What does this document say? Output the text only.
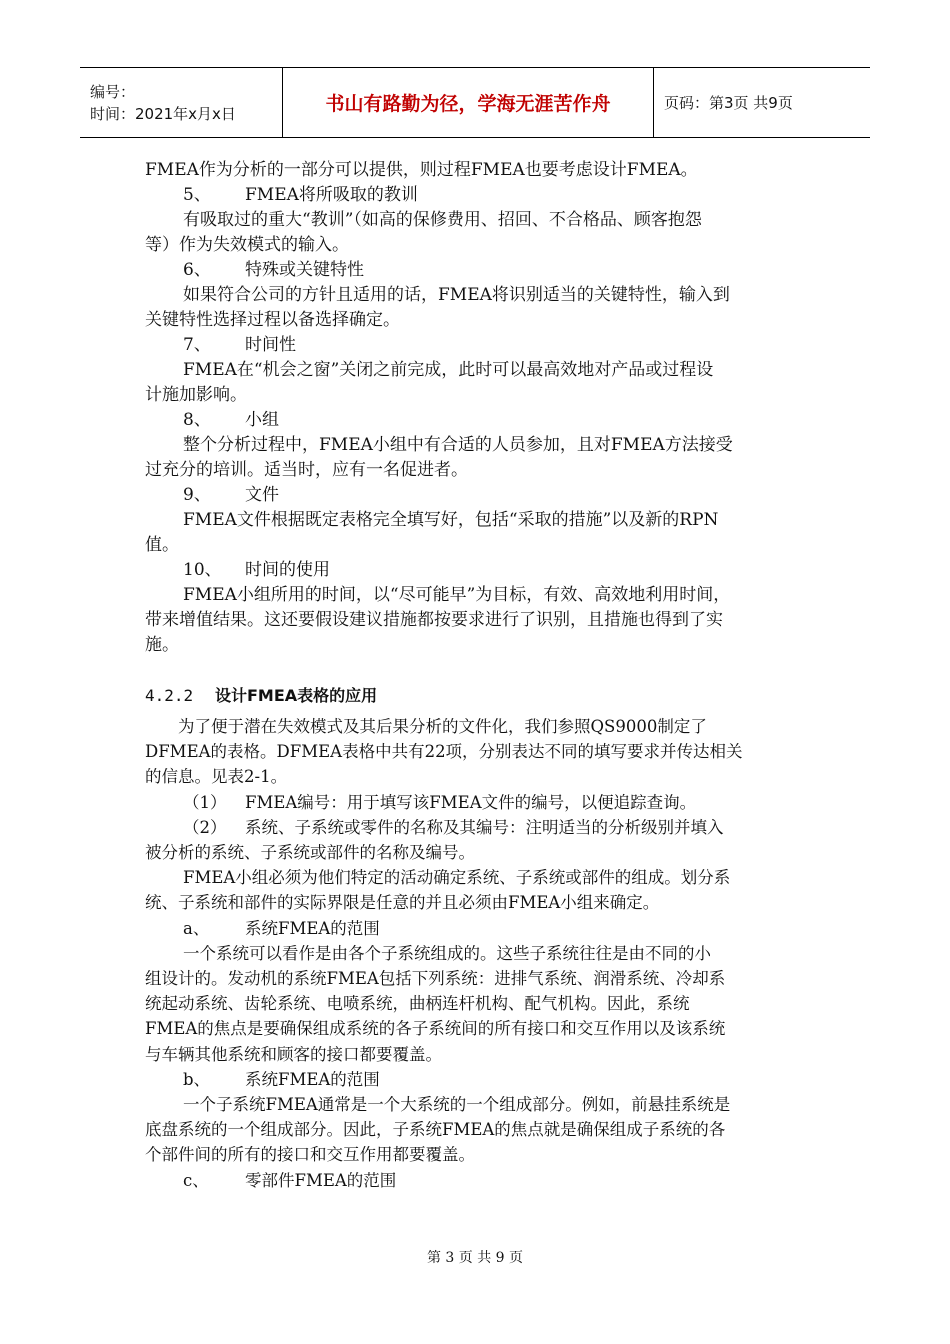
编号：
时间：2021年x月x日	书山有路勤为径，学海无涯苦作舟	页码：第3页 共9页
FMEA作为分析的一部分可以提供，则过程FMEA也要考虑设计FMEA。
5、 FMEA将所吸取的教训
有吸取过的重大“教训”（如高的保修费用、招回、不合格品、顾客抱怨
等）作为失效模式的输入。
6、 特殊或关键特性
如果符合公司的方针且适用的话，FMEA将识别适当的关键特性，输入到
关键特性选择过程以备选择确定。
7、 时间性
FMEA在“机会之窗”关闭之前完成，此时可以最高效地对产品或过程设
计施加影响。
8、 小组
整个分析过程中，FMEA小组中有合适的人员参加，且对FMEA方法接受
过充分的培训。适当时，应有一名促进者。
9、 文件
FMEA文件根据既定表格完全填写好，包括“采取的措施”以及新的RPN
值。
10、 时间的使用
FMEA小组所用的时间，以“尽可能早”为目标，有效、高效地利用时间，
带来增值结果。这还要假设建议措施都按要求进行了识别，且措施也得到了实
施。
4.2.2 设计FMEA表格的应用
为了便于潜在失效模式及其后果分析的文件化，我们参照QS9000制定了
DFMEA的表格。DFMEA表格中共有22项，分别表达不同的填写要求并传达相关
的信息。见表2-1。
（1） FMEA编号：用于填写该FMEA文件的编号，以便追踪查询。
（2） 系统、子系统或零件的名称及其编号：注明适当的分析级别并填入
被分析的系统、子系统或部件的名称及编号。
FMEA小组必须为他们特定的活动确定系统、子系统或部件的组成。划分系
统、子系统和部件的实际界限是任意的并且必须由FMEA小组来确定。
a、 系统FMEA的范围
一个系统可以看作是由各个子系统组成的。这些子系统往往是由不同的小
组设计的。发动机的系统FMEA包括下列系统：进排气系统、润滑系统、冷却系
统起动系统、齿轮系统、电喷系统，曲柄连杆机构、配气机构。因此，系统
FMEA的焦点是要确保组成系统的各子系统间的所有接口和交互作用以及该系统
与车辆其他系统和顾客的接口都要覆盖。
b、 系统FMEA的范围
一个子系统FMEA通常是一个大系统的一个组成部分。例如，前悬挂系统是
底盘系统的一个组成部分。因此，子系统FMEA的焦点就是确保组成子系统的各
个部件间的所有的接口和交互作用都要覆盖。
c、 零部件FMEA的范围
第 3 页 共 9 页
